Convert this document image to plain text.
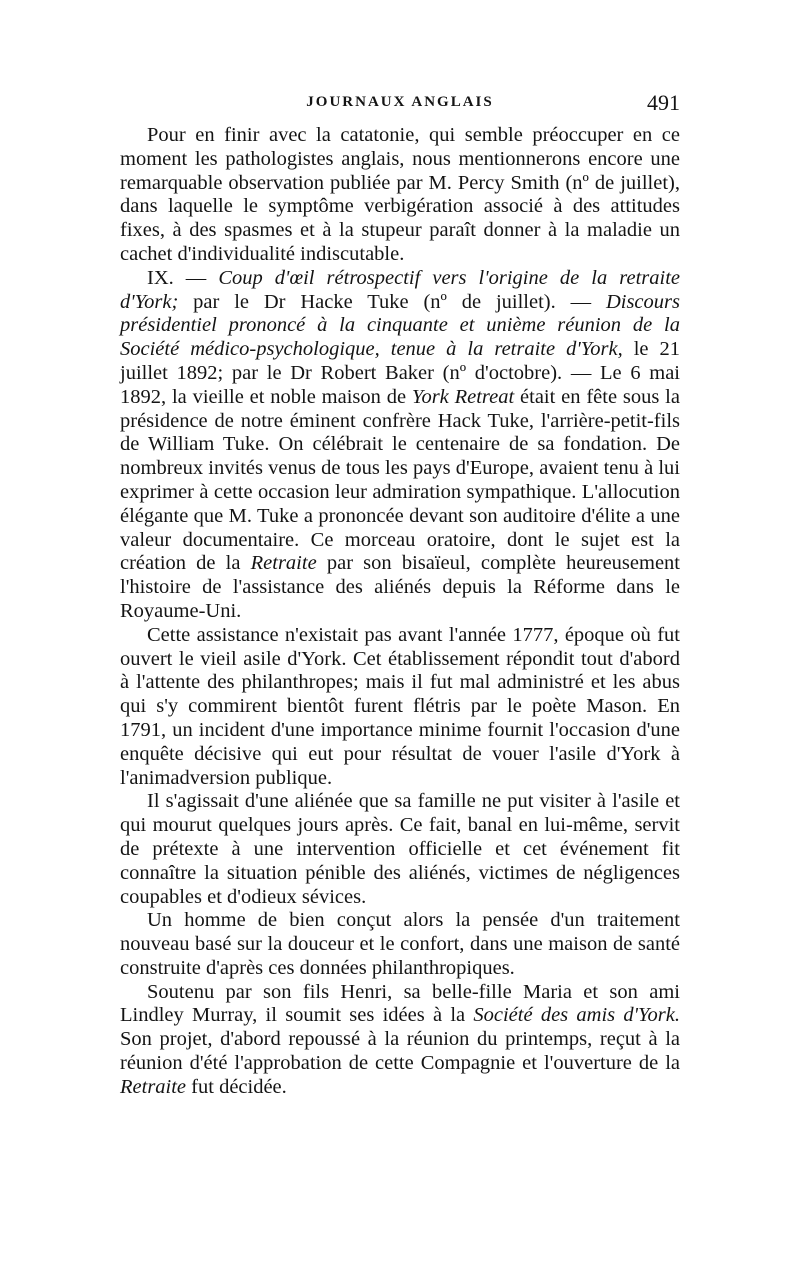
JOURNAUX ANGLAIS	491

Pour en finir avec la catatonie, qui semble préoccuper en ce moment les pathologistes anglais, nous mentionnerons encore une remarquable observation publiée par M. Percy Smith (nº de juillet), dans laquelle le symptôme verbigération associé à des attitudes fixes, à des spasmes et à la stupeur paraît donner à la maladie un cachet d'individualité indiscutable.

IX. — Coup d'œil rétrospectif vers l'origine de la retraite d'York; par le Dr Hacke Tuke (nº de juillet). — Discours présidentiel prononcé à la cinquante et unième réunion de la Société médico-psychologique, tenue à la retraite d'York, le 21 juillet 1892; par le Dr Robert Baker (nº d'octobre). — Le 6 mai 1892, la vieille et noble maison de York Retreat était en fête sous la présidence de notre éminent confrère Hack Tuke, l'arrière-petit-fils de William Tuke. On célébrait le centenaire de sa fondation. De nombreux invités venus de tous les pays d'Europe, avaient tenu à lui exprimer à cette occasion leur admiration sympathique. L'allocution élégante que M. Tuke a prononcée devant son auditoire d'élite a une valeur documentaire. Ce morceau oratoire, dont le sujet est la création de la Retraite par son bisaïeul, complète heureusement l'histoire de l'assistance des aliénés depuis la Réforme dans le Royaume-Uni.

Cette assistance n'existait pas avant l'année 1777, époque où fut ouvert le vieil asile d'York. Cet établissement répondit tout d'abord à l'attente des philanthropes; mais il fut mal administré et les abus qui s'y commirent bientôt furent flétris par le poète Mason. En 1791, un incident d'une importance minime fournit l'occasion d'une enquête décisive qui eut pour résultat de vouer l'asile d'York à l'animadversion publique.

Il s'agissait d'une aliénée que sa famille ne put visiter à l'asile et qui mourut quelques jours après. Ce fait, banal en lui-même, servit de prétexte à une intervention officielle et cet événement fit connaître la situation pénible des aliénés, victimes de négligences coupables et d'odieux sévices.

Un homme de bien conçut alors la pensée d'un traitement nouveau basé sur la douceur et le confort, dans une maison de santé construite d'après ces données philanthropiques.

Soutenu par son fils Henri, sa belle-fille Maria et son ami Lindley Murray, il soumit ses idées à la Société des amis d'York. Son projet, d'abord repoussé à la réunion du printemps, reçut à la réunion d'été l'approbation de cette Compagnie et l'ouverture de la Retraite fut décidée.
